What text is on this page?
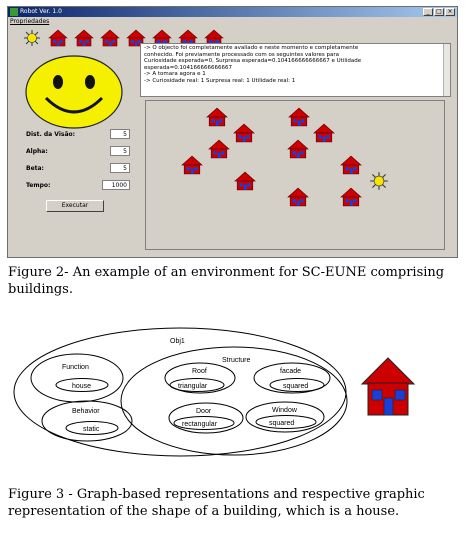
Robot Ver. 1.0	_	□ ×
Propriedades
Dist. da Visão:	5
Alpha:	5
Beta:	5
Tempo:	1000
Executar
-> O objecto foi completamente avaliado e neste momento e completamente
conhecido. Foi previamente processado com os seguintes valores para
Curiosidade esperada=0, Surpresa esperada=0.104166666666667 e Utilidade
esperada=0.104166666666667
-> A tomara agora e 1
-> Curiosidade real: 1 Surpresa real: 1 Utilidade real: 1

Figure 2- An example of an environment for SC-EUNE comprising buildings.

Obj1
Function
house
Behavior
static
Structure
Roof
triangular
facade
squared
Door
rectangular
Window
squared

Figure 3 - Graph-based representations and respective graphic representation of the shape of a building, which is a house.
